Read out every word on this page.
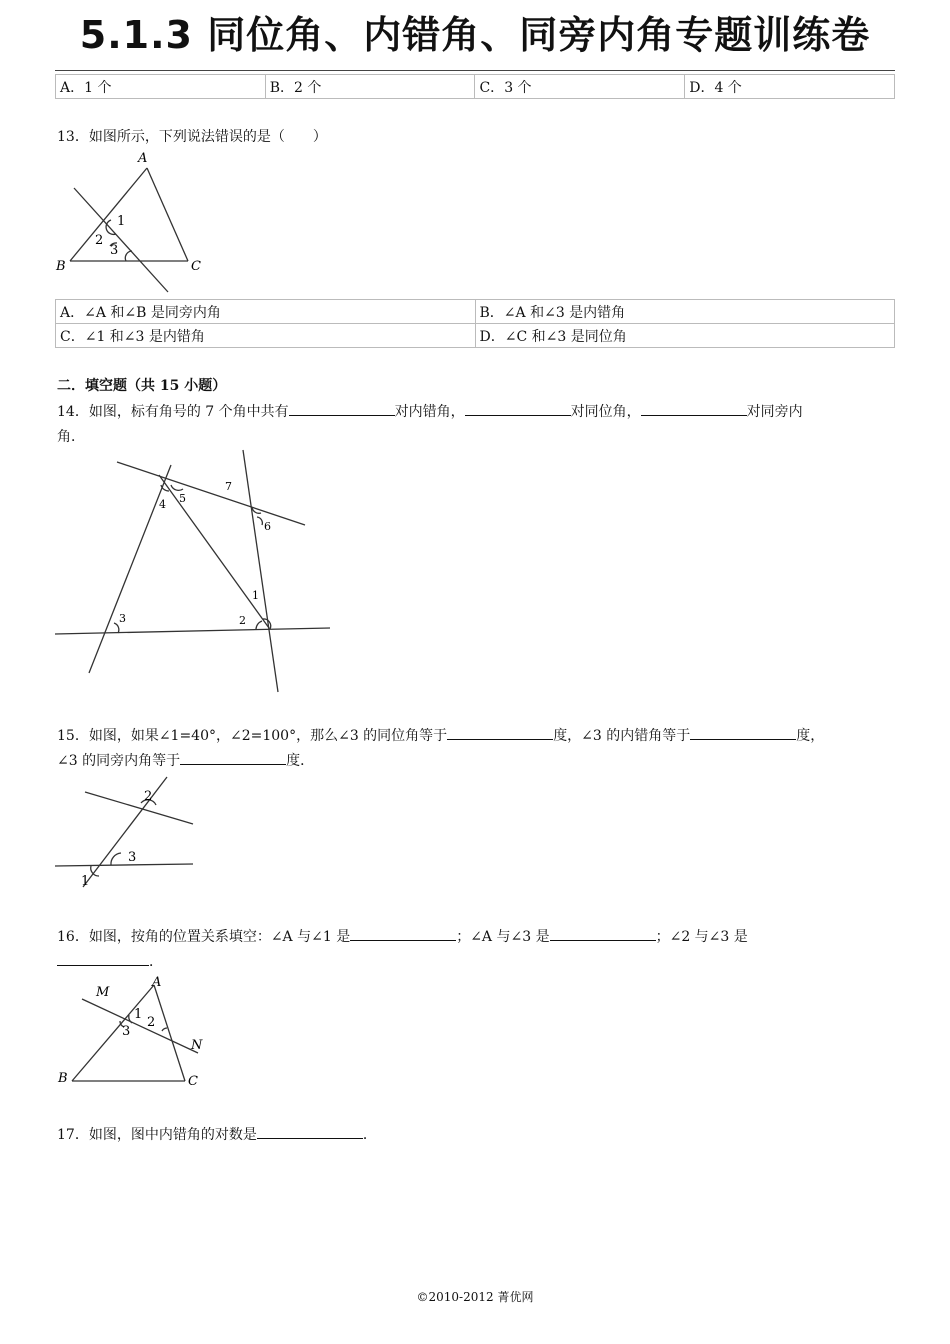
5.1.3 同位角、内错角、同旁内角专题训练卷
A．1 个	B．2 个	C．3 个	D．4 个
13．如图所示，下列说法错误的是（　　）
A
B	C
1
2
3
A．∠A 和∠B 是同旁内角	B．∠A 和∠3 是内错角
C．∠1 和∠3 是内错角	D．∠C 和∠3 是同位角
二．填空题（共 15 小题）
14．如图，标有角号的 7 个角中共有	对内错角，	对同位角，	对同旁内
角．
4 5
7
6
1
2
3
15．如图，如果∠1=40°，∠2=100°，那么∠3 的同位角等于	度，∠3 的内错角等于	度，
∠3 的同旁内角等于	度．
2
3
1
16．如图，按角的位置关系填空：∠A 与∠1 是	；∠A 与∠3 是	；∠2 与∠3 是
．
M
A
N
B	C
1
2
3
17．如图，图中内错角的对数是	．
©2010-2012 菁优网
